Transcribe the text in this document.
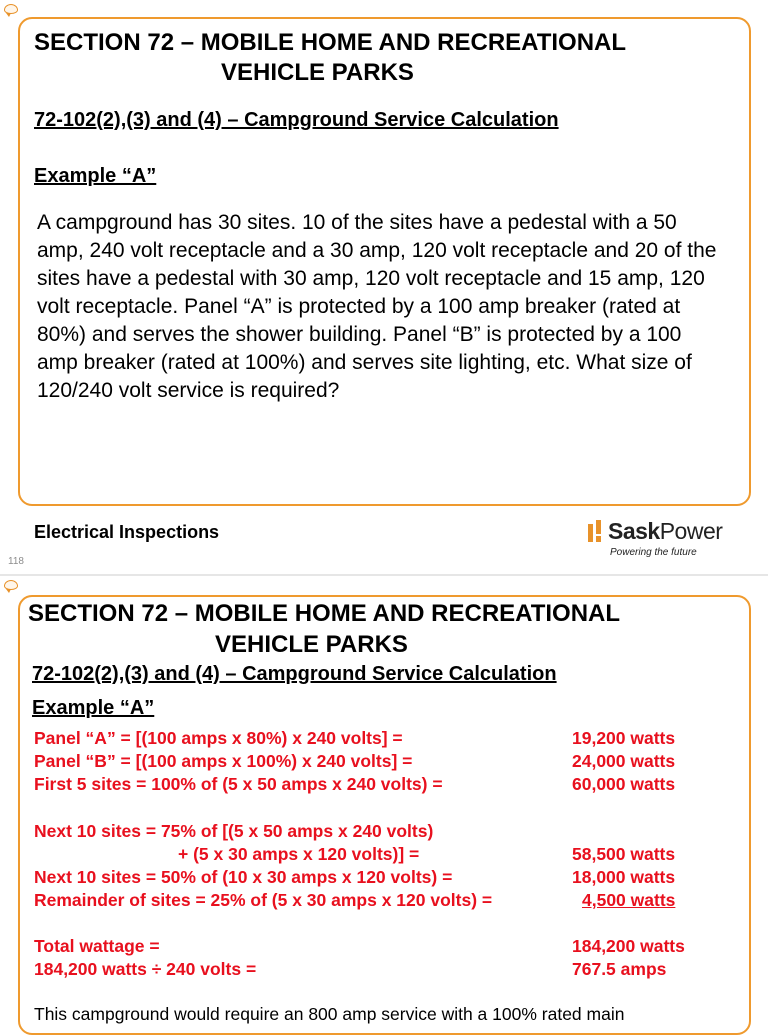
SECTION 72 – MOBILE HOME AND RECREATIONAL
VEHICLE PARKS

72-102(2),(3) and (4) – Campground Service Calculation

Example “A”

A campground has 30 sites. 10 of the sites have a pedestal with a 50 amp, 240 volt receptacle and a 30 amp, 120 volt receptacle and 20 of the sites have a pedestal with 30 amp, 120 volt receptacle and 15 amp, 120 volt receptacle. Panel “A” is protected by a 100 amp breaker (rated at 80%) and serves the shower building. Panel “B” is protected by a 100 amp breaker (rated at 100%) and serves site lighting, etc. What size of 120/240 volt service is required?

Electrical Inspections	SaskPower
Powering the future
118
SECTION 72 – MOBILE HOME AND RECREATIONAL
VEHICLE PARKS

72-102(2),(3) and (4) – Campground Service Calculation

Example “A”

Panel “A” = [(100 amps x 80%) x 240 volts] =	19,200 watts
Panel “B” = [(100 amps x 100%) x 240 volts] =	24,000 watts
First 5 sites = 100% of (5 x 50 amps x 240 volts) =	60,000 watts
Next 10 sites = 75% of [(5 x 50 amps x 240 volts)
+ (5 x 30 amps x 120 volts)] =	58,500 watts
Next 10 sites = 50% of (10 x 30 amps x 120 volts) =	18,000 watts
Remainder of sites = 25% of (5 x 30 amps x 120 volts) =	4,500 watts
Total wattage =	184,200 watts
184,200 watts ÷ 240 volts =	767.5 amps
This campground would require an 800 amp service with a 100% rated main
